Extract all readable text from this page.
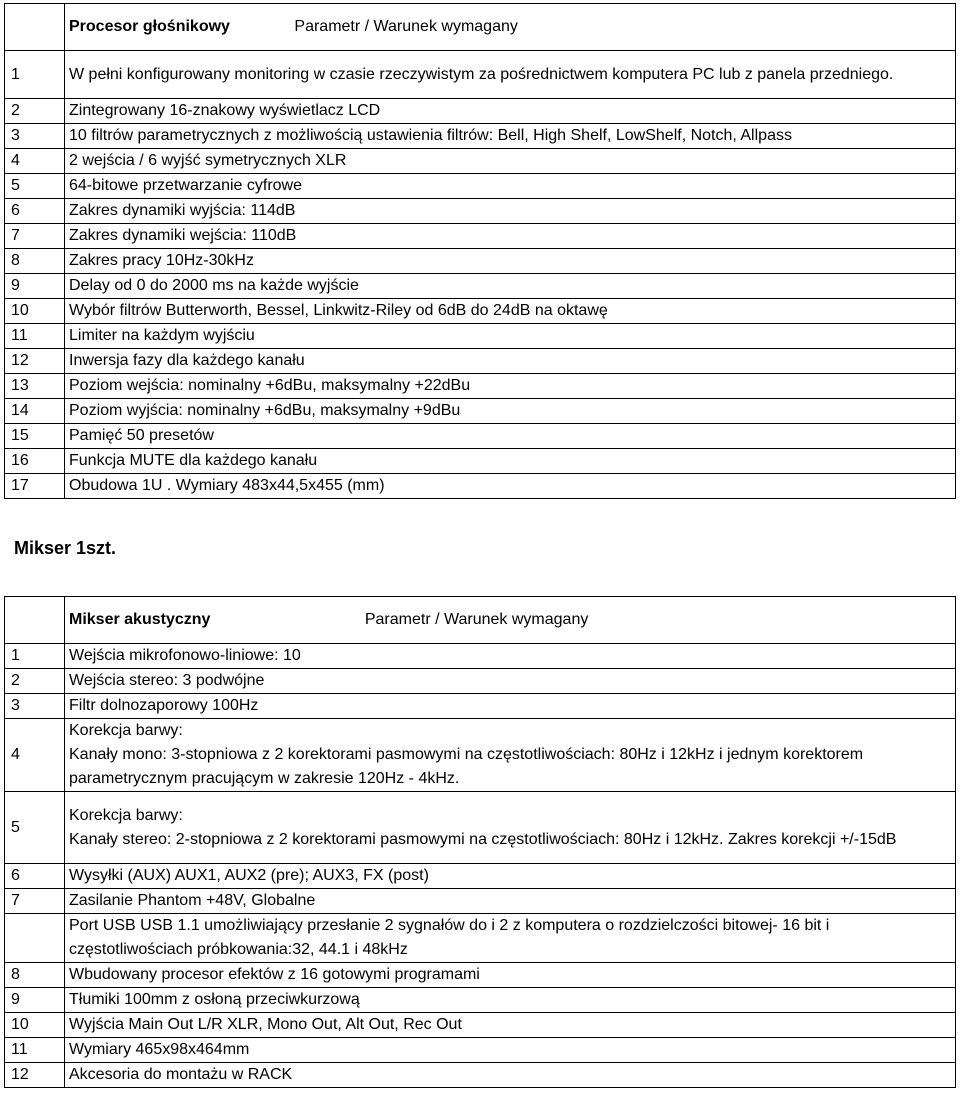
	Procesor głośnikowy Parametr / Warunek wymagany
1	W pełni konfigurowany monitoring w czasie rzeczywistym za pośrednictwem komputera PC lub z panela przedniego.
2	Zintegrowany 16-znakowy wyświetlacz LCD
3	10 filtrów parametrycznych z możliwością ustawienia filtrów: Bell, High Shelf, LowShelf, Notch, Allpass
4	2 wejścia / 6 wyjść symetrycznych XLR
5	64-bitowe przetwarzanie cyfrowe
6	Zakres dynamiki wyjścia: 114dB
7	Zakres dynamiki wejścia: 110dB
8	Zakres pracy 10Hz-30kHz
9	Delay od 0 do 2000 ms na każde wyjście
10	Wybór filtrów Butterworth, Bessel, Linkwitz-Riley od 6dB do 24dB na oktawę
11	Limiter na każdym wyjściu
12	Inwersja fazy dla każdego kanału
13	Poziom wejścia: nominalny +6dBu, maksymalny +22dBu
14	Poziom wyjścia: nominalny +6dBu, maksymalny +9dBu
15	Pamięć 50 presetów
16	Funkcja MUTE dla każdego kanału
17	Obudowa 1U . Wymiary 483x44,5x455 (mm)
Mikser 1szt.
	Mikser akustyczny Parametr / Warunek wymagany
1	Wejścia mikrofonowo-liniowe: 10
2	Wejścia stereo: 3 podwójne
3	Filtr dolnozaporowy 100Hz
4	Korekcja barwy:
Kanały mono: 3-stopniowa z 2 korektorami pasmowymi na częstotliwościach: 80Hz i 12kHz i jednym korektorem parametrycznym pracującym w zakresie 120Hz - 4kHz.
5	Korekcja barwy:
Kanały stereo: 2-stopniowa z 2 korektorami pasmowymi na częstotliwościach: 80Hz i 12kHz. Zakres korekcji +/-15dB
6	Wysyłki (AUX) AUX1, AUX2 (pre); AUX3, FX (post)
7	Zasilanie Phantom +48V, Globalne
	Port USB USB 1.1 umożliwiający przesłanie 2 sygnałów do i 2 z komputera o rozdzielczości bitowej- 16 bit i częstotliwościach próbkowania:32, 44.1 i 48kHz
8	Wbudowany procesor efektów z 16 gotowymi programami
9	Tłumiki 100mm z osłoną przeciwkurzową
10	Wyjścia Main Out L/R XLR, Mono Out, Alt Out, Rec Out
11	Wymiary 465x98x464mm
12	Akcesoria do montażu w RACK
